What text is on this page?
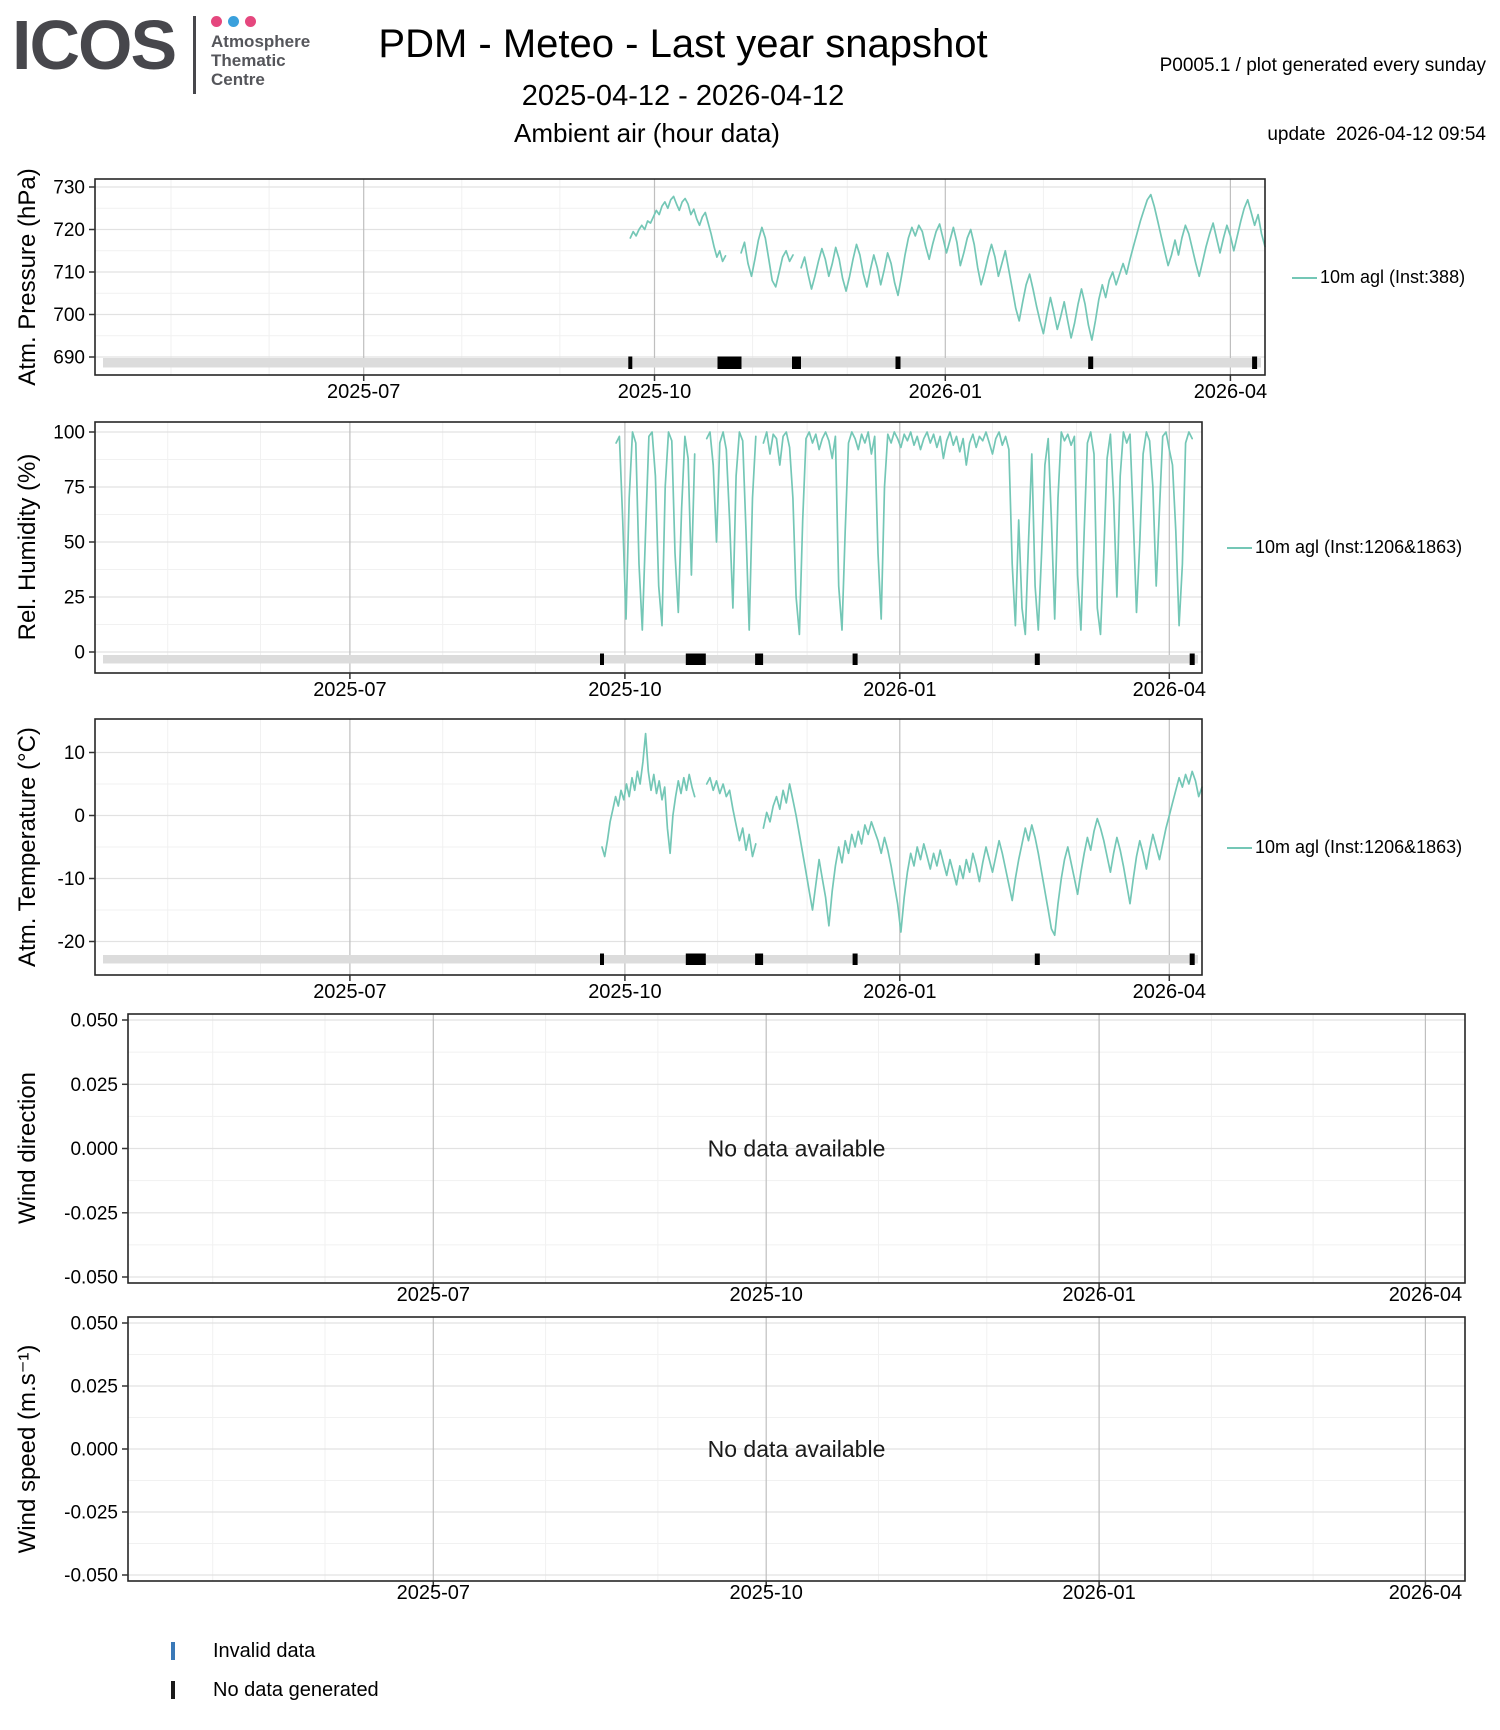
ICOS Atmosphere
Thematic
Centre
PDM - Meteo - Last year snapshot
2025-04-12 - 2026-04-12
Ambient air (hour data)

P0005.1 / plot generated every sunday

update  2026-04-12 09:54

Atm. Pressure (hPa)
Rel. Humidity (%)
Atm. Temperature (°C)
Wind direction
Wind speed (m.s⁻¹)
730
720
710
700
690
2025-07	2025-10	2026-01	2026-04
100
75
50
25
0
2025-07	2025-10	2026-01	2026-04
10
0
-10
-20
2025-07	2025-10	2026-01	2026-04
No data available
0.050
0.025
0.000
-0.025
-0.050
2025-07	2025-10	2026-01	2026-04
No data available
0.050
0.025
0.000
-0.025
-0.050
2025-07	2025-10	2026-01	2026-04
10m agl (Inst:388)
10m agl (Inst:1206&1863)
10m agl (Inst:1206&1863)
Invalid data
No data generated
